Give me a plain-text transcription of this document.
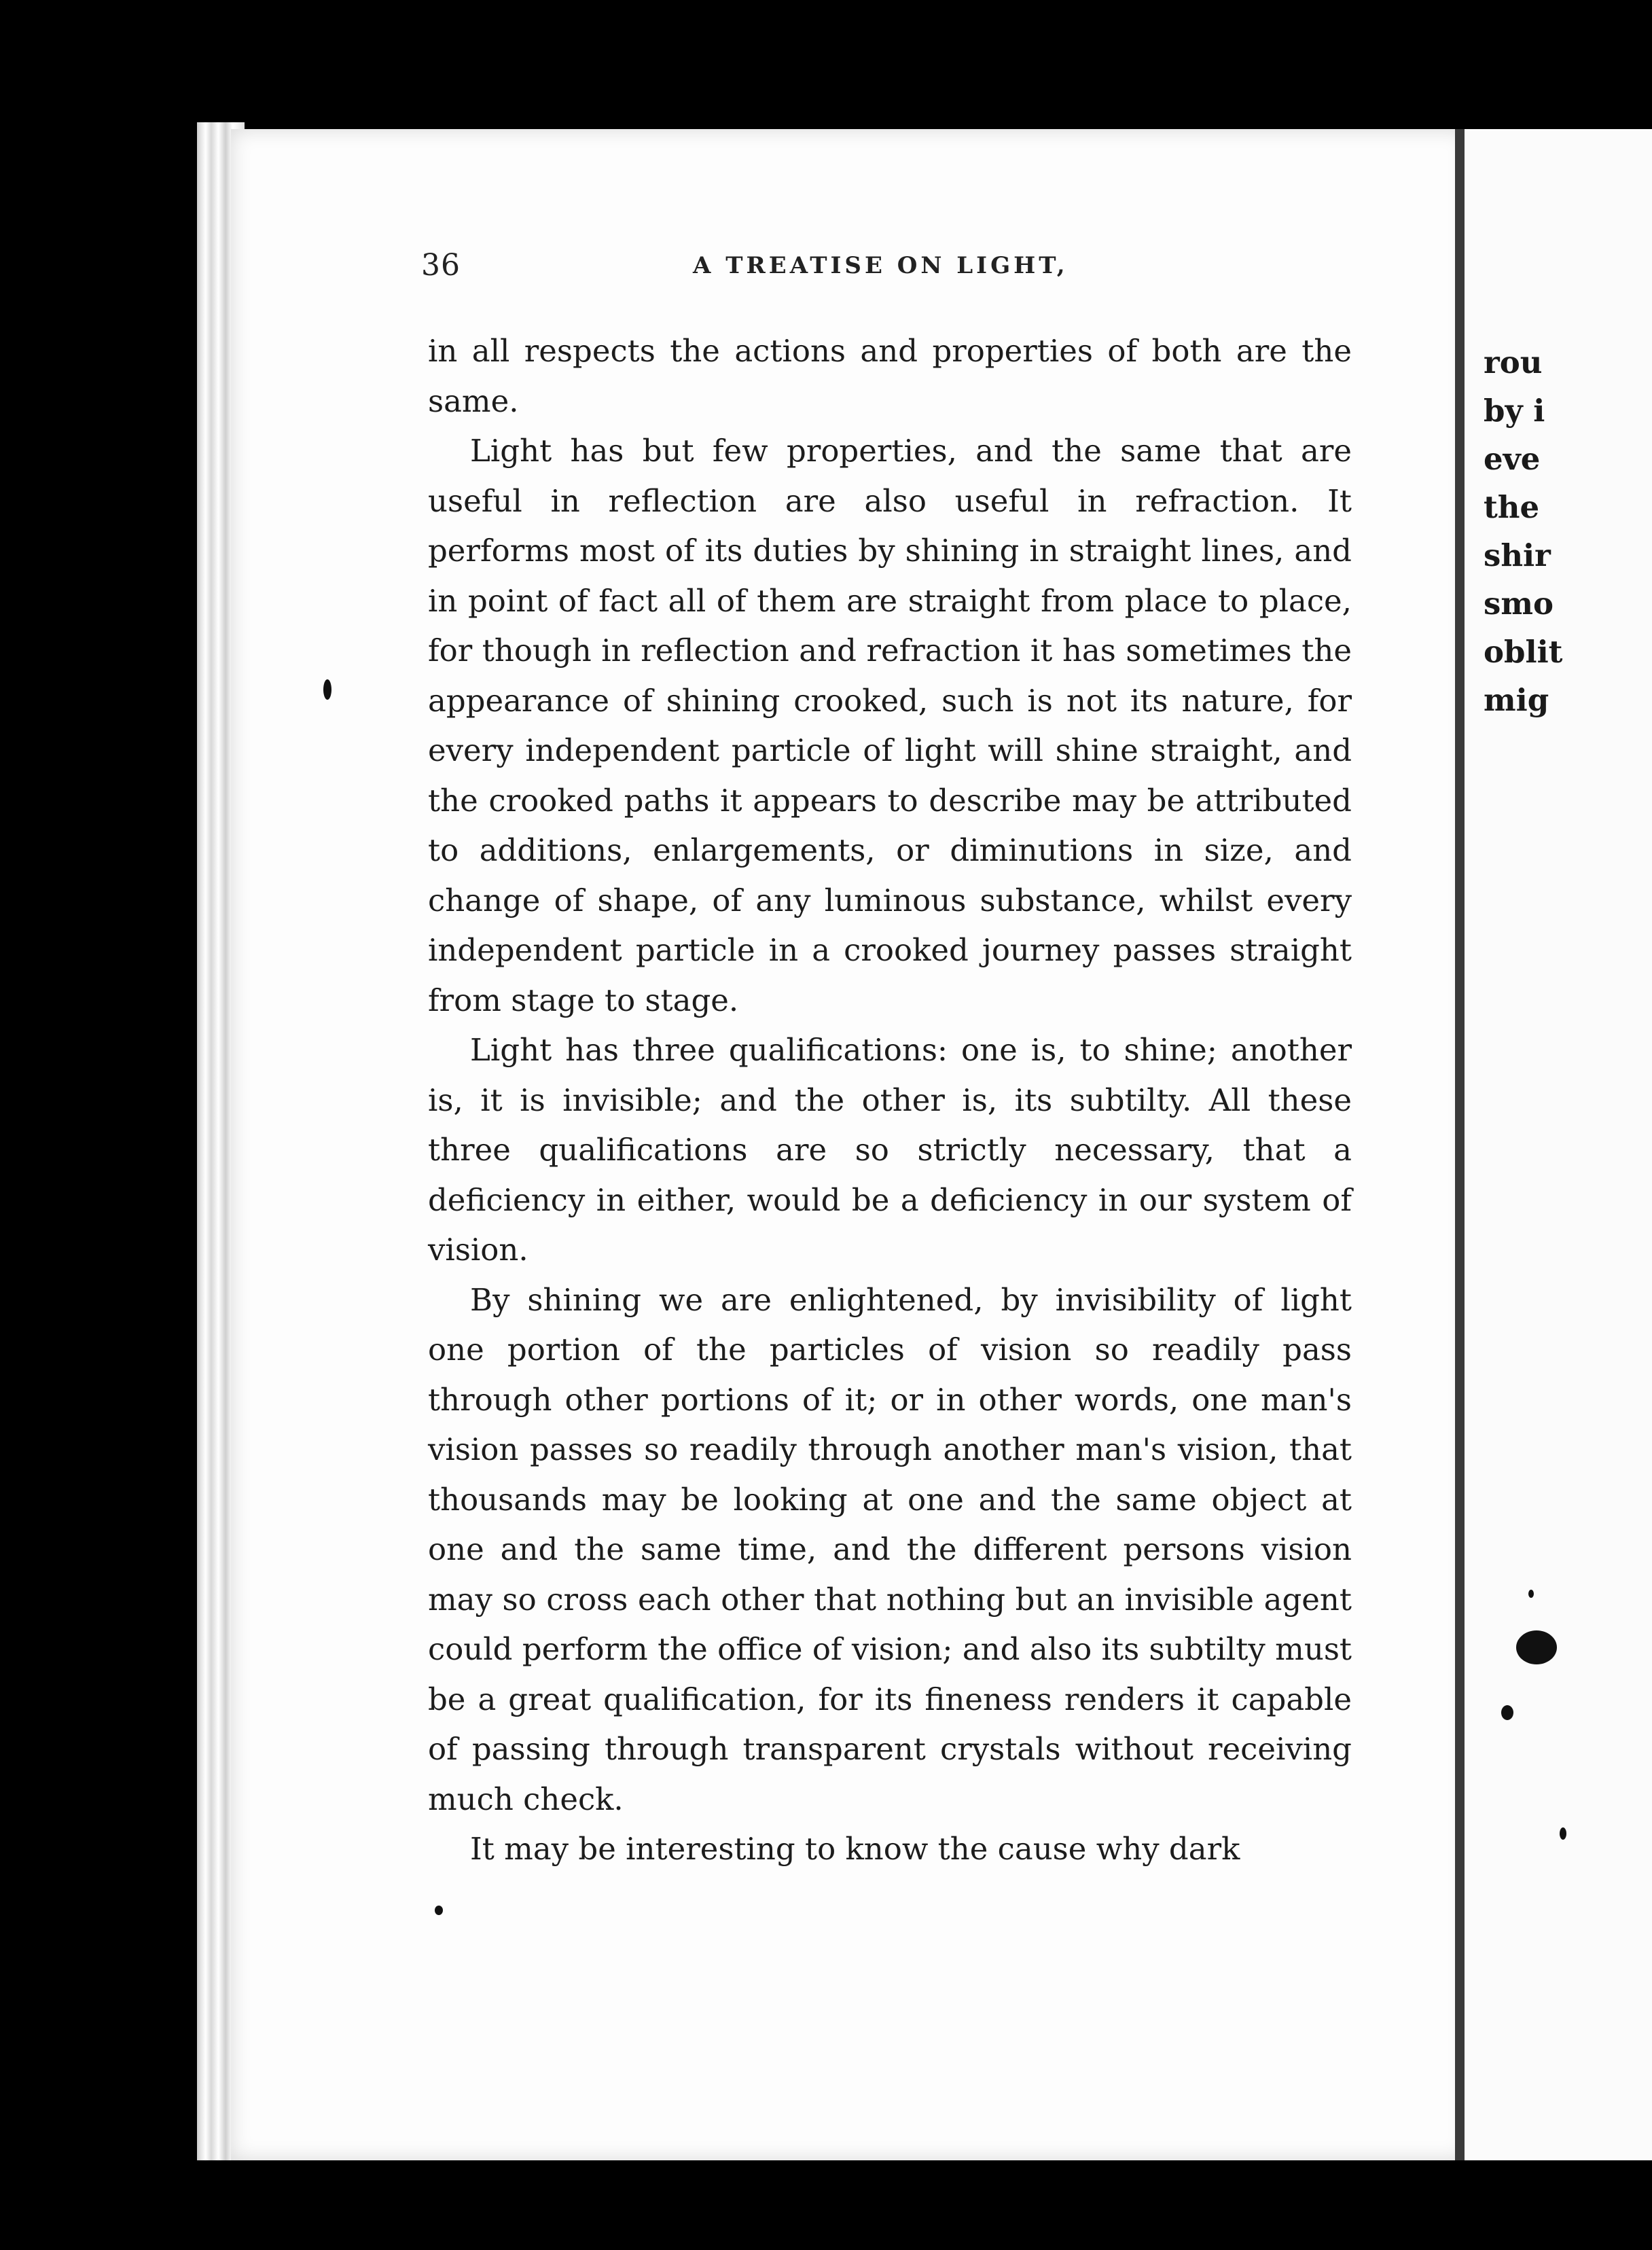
36	A TREATISE ON LIGHT,

in all respects the actions and properties of both are the same.

Light has but few properties, and the same that are useful in reflection are also useful in refraction. It performs most of its duties by shining in straight lines, and in point of fact all of them are straight from place to place, for though in reflection and refraction it has sometimes the appearance of shining crooked, such is not its nature, for every independent particle of light will shine straight, and the crooked paths it appears to describe may be attributed to additions, enlargements, or diminutions in size, and change of shape, of any luminous substance, whilst every independent particle in a crooked journey passes straight from stage to stage.

Light has three qualifications: one is, to shine; another is, it is invisible; and the other is, its subtilty. All these three qualifications are so strictly necessary, that a deficiency in either, would be a deficiency in our system of vision.

By shining we are enlightened, by invisibility of light one portion of the particles of vision so readily pass through other portions of it; or in other words, one man's vision passes so readily through another man's vision, that thousands may be looking at one and the same object at one and the same time, and the different persons vision may so cross each other that nothing but an invisible agent could perform the office of vision; and also its subtilty must be a great qualification, for its fineness renders it capable of passing through transparent crystals without receiving much check.

It may be interesting to know the cause why dark

rou
by i
eve
the
shir
smo
oblit
mig
